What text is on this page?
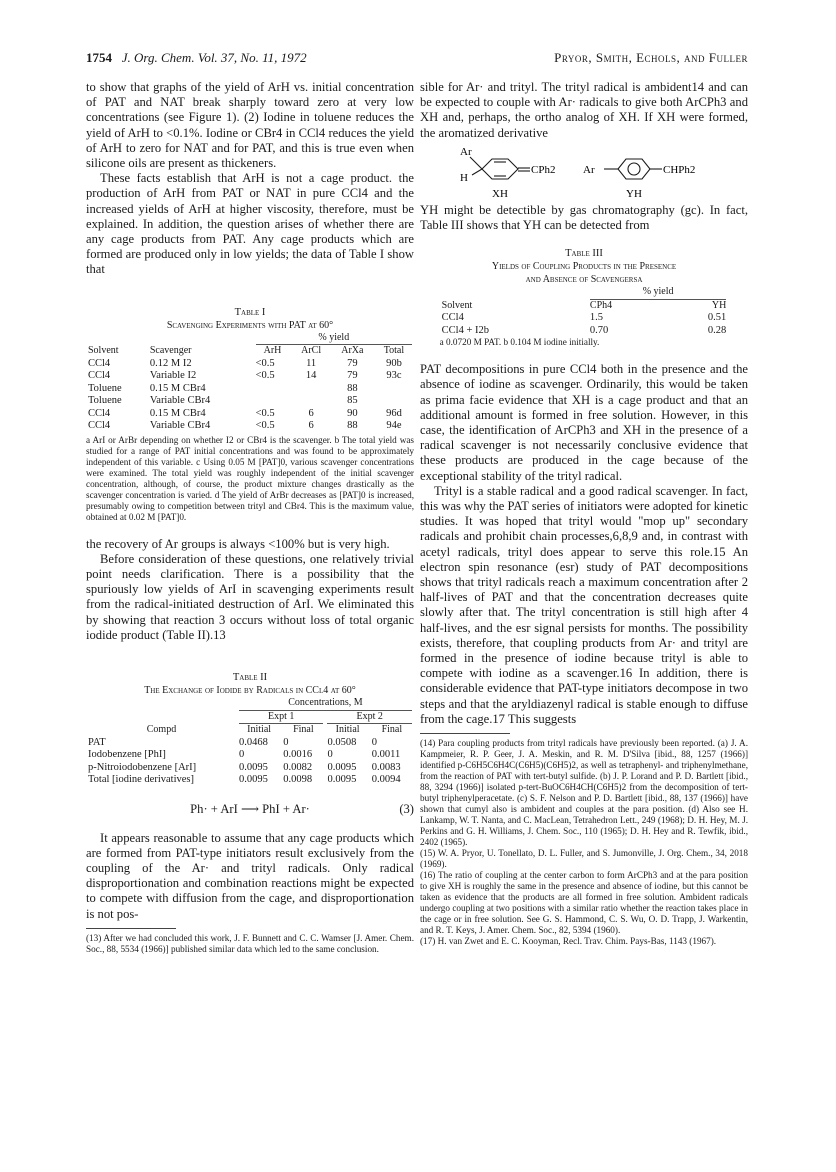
1754 J. Org. Chem. Vol. 37, No. 11, 1972	Pryor, Smith, Echols, and Fuller

to show that graphs of the yield of ArH vs. initial concentration of PAT and NAT break sharply toward zero at very low concentrations (see Figure 1). (2) Iodine in toluene reduces the yield of ArH to <0.1%. Iodine or CBr4 in CCl4 reduces the yield of ArH to zero for NAT and for PAT, and this is true even when silicone oils are present as thickeners.

These facts establish that ArH is not a cage product. the production of ArH from PAT or NAT in pure CCl4 and the increased yields of ArH at higher viscosity, therefore, must be explained. In addition, the question arises of whether there are any cage products from PAT. Any cage products which are formed are produced only in low yields; the data of Table I show that

Table I
Scavenging Experiments with PAT at 60°
		% yield			

Solvent	Scavenger	ArH	ArCl	ArXa	Total
CCl4	0.12 M I2	<0.5	11	79	90b
CCl4	Variable I2	<0.5	14	79	93c
Toluene	0.15 M CBr4			88	
Toluene	Variable CBr4			85	
CCl4	0.15 M CBr4	<0.5	6	90	96d
CCl4	Variable CBr4	<0.5	6	88	94e
a ArI or ArBr depending on whether I2 or CBr4 is the scavenger. b The total yield was studied for a range of PAT initial concentrations and was found to be approximately independent of this variable. c Using 0.05 M [PAT]0, various scavenger concentrations were examined. The total yield was roughly independent of the initial scavenger concentration, although, of course, the product mixture changes drastically as the scavenger concentration is varied. d The yield of ArBr decreases as [PAT]0 is increased, presumably owing to competition between trityl and CBr4. This is the maximum value, obtained at 0.02 M [PAT]0.

the recovery of Ar groups is always <100% but is very high.

Before consideration of these questions, one relatively trivial point needs clarification. There is a possibility that the spuriously low yields of ArI in scavenging experiments result from the radical-initiated destruction of ArI. We eliminated this by showing that reaction 3 occurs without loss of total organic iodide product (Table II).13

Table II
The Exchange of Iodide by Radicals in CCl4 at 60°
	Concentrations, M			

	Expt 1		Expt 2	

Compd	Initial	Final	Initial	Final
PAT	0.0468	0	0.0508	0
Iodobenzene [PhI]	0	0.0016	0	0.0011
p-Nitroiodobenzene [ArI]	0.0095	0.0082	0.0095	0.0083
Total [iodine derivatives]	0.0095	0.0098	0.0095	0.0094
Ph· + ArI ⟶ PhI + Ar·	(3)

It appears reasonable to assume that any cage products which are formed from PAT-type initiators result exclusively from the coupling of the Ar· and trityl radicals. Only radical disproportionation and combination reactions might be expected to compete with diffusion from the cage, and disproportionation is not pos-

(13) After we had concluded this work, J. F. Bunnett and C. C. Wamser [J. Amer. Chem. Soc., 88, 5534 (1966)] published similar data which led to the same conclusion.

sible for Ar· and trityl. The trityl radical is ambident14 and can be expected to couple with Ar· radicals to give both ArCPh3 and XH and, perhaps, the ortho analog of XH. If XH were formed, the aromatized derivative

Ar
H
CPh2	Ar	CHPh2
XH	YH

YH might be detectible by gas chromatography (gc). In fact, Table III shows that YH can be detected from

Table III
Yields of Coupling Products in the Presence
and Absence of Scavengersa
	% yield	

Solvent	CPh4	YH
CCl4	1.5	0.51
CCl4 + I2b	0.70	0.28
a 0.0720 M PAT. b 0.104 M iodine initially.

PAT decompositions in pure CCl4 both in the presence and the absence of iodine as scavenger. Ordinarily, this would be taken as prima facie evidence that XH is a cage product and that an additional amount is formed in free solution. However, in this case, the identification of ArCPh3 and XH in the presence of a radical scavenger is not necessarily conclusive evidence that these products are produced in the cage because of the exceptional stability of the trityl radical.

Trityl is a stable radical and a good radical scavenger. In fact, this was why the PAT series of initiators were adopted for kinetic studies. It was hoped that trityl would "mop up" secondary radicals and prohibit chain processes,6,8,9 and, in contrast with acetyl radicals, trityl does appear to serve this role.15 An electron spin resonance (esr) study of PAT decompositions shows that trityl radicals reach a maximum concentration after 2 half-lives of PAT and that the concentration decreases quite slowly after that. The trityl concentration is still high after 4 half-lives, and the esr signal persists for months. The possibility exists, therefore, that coupling products from Ar· and trityl are formed in the presence of iodine because trityl is able to compete with iodine as a scavenger.16 In addition, there is considerable evidence that PAT-type initiators decompose in two steps and that the aryldiazenyl radical is stable enough to diffuse from the cage.17 This suggests

(14) Para coupling products from trityl radicals have previously been reported. (a) J. A. Kampmeier, R. P. Geer, J. A. Meskin, and R. M. D'Silva [ibid., 88, 1257 (1966)] identified p-C6H5C6H4C(C6H5)(C6H5)2, as well as tetraphenyl- and triphenylmethane, from the reaction of PAT with tert-butyl sulfide. (b) J. P. Lorand and P. D. Bartlett [ibid., 88, 3294 (1966)] isolated p-tert-BuOC6H4CH(C6H5)2 from the decomposition of tert-butyl triphenylperacetate. (c) S. F. Nelson and P. D. Bartlett [ibid., 88, 137 (1966)] have shown that cumyl also is ambident and couples at the para position. (d) Also see H. Lankamp, W. T. Nanta, and C. MacLean, Tetrahedron Lett., 249 (1968); D. H. Hey, M. J. Perkins and G. H. Williams, J. Chem. Soc., 110 (1965); D. H. Hey and R. Tewfik, ibid., 2402 (1965).

(15) W. A. Pryor, U. Tonellato, D. L. Fuller, and S. Jumonville, J. Org. Chem., 34, 2018 (1969).

(16) The ratio of coupling at the center carbon to form ArCPh3 and at the para position to give XH is roughly the same in the presence and absence of iodine, but this cannot be taken as evidence that the products are all formed in free solution. Ambident radicals undergo coupling at two positions with a similar ratio whether the reaction takes place in the cage or in free solution. See G. S. Hammond, C. S. Wu, O. D. Trapp, J. Warkentin, and R. T. Keys, J. Amer. Chem. Soc., 82, 5394 (1960).

(17) H. van Zwet and E. C. Kooyman, Recl. Trav. Chim. Pays-Bas, 1143 (1967).
